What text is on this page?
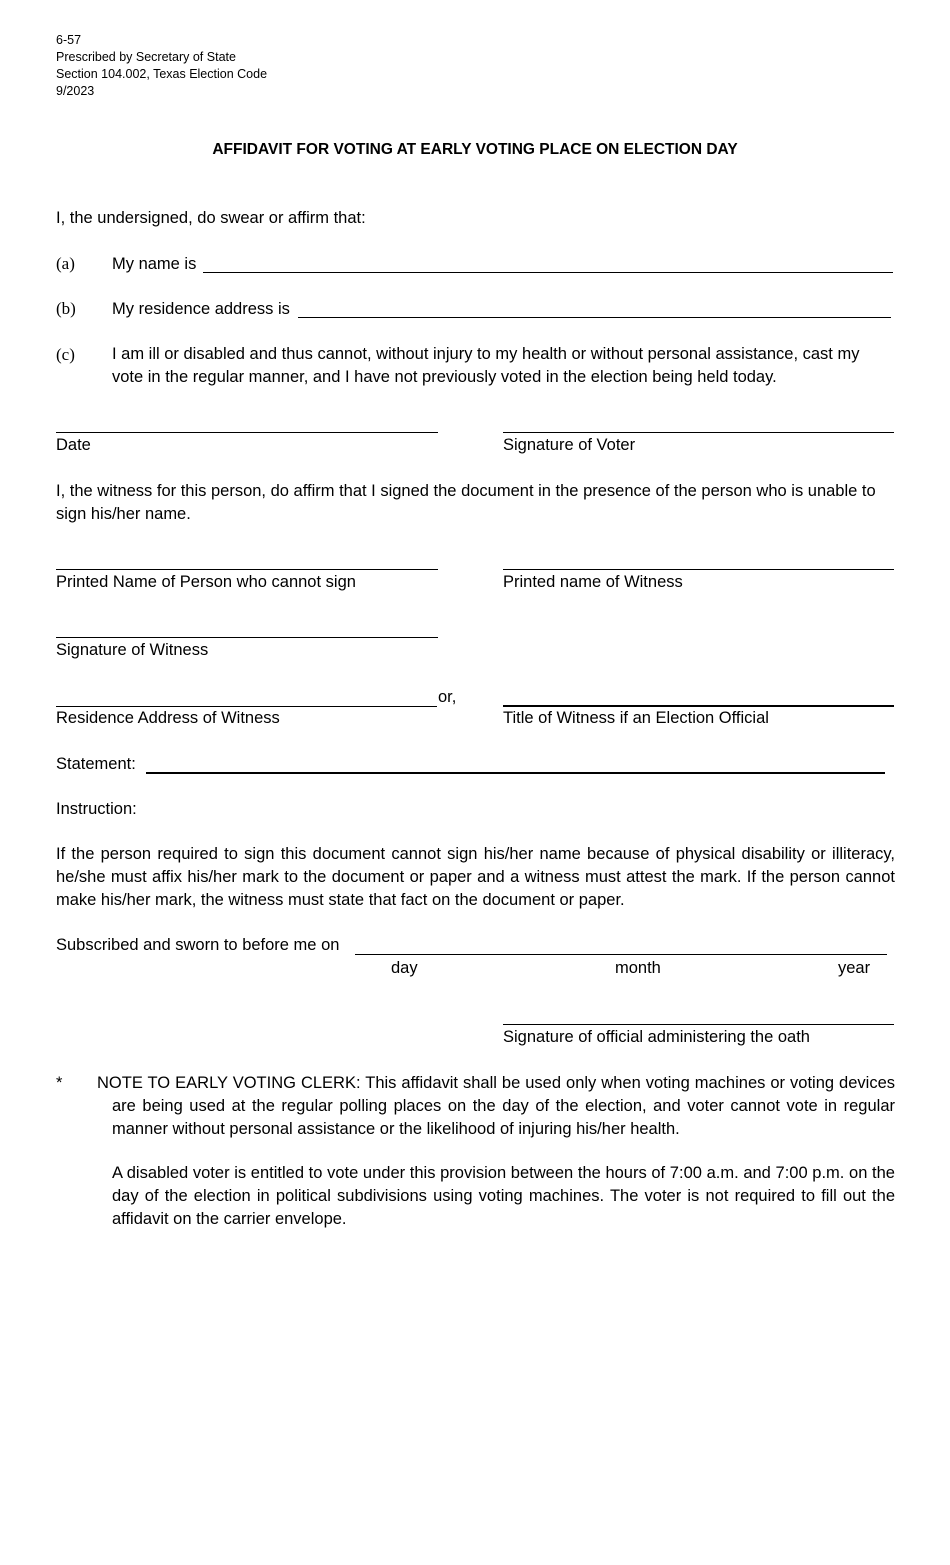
6-57
Prescribed by Secretary of State
Section 104.002, Texas Election Code
9/2023
AFFIDAVIT FOR VOTING AT EARLY VOTING PLACE ON ELECTION DAY
I, the undersigned, do swear or affirm that:
(a) My name is
(b) My residence address is
(c) I am ill or disabled and thus cannot, without injury to my health or without personal assistance, cast my vote in the regular manner, and I have not previously voted in the election being held today.
Date	Signature of Voter
I, the witness for this person, do affirm that I signed the document in the presence of the person who is unable to sign his/her name.
Printed Name of Person who cannot sign	Printed name of Witness
Signature of Witness
or,
Residence Address of Witness	Title of Witness if an Election Official
Statement:
Instruction:
If the person required to sign this document cannot sign his/her name because of physical disability or illiteracy, he/she must affix his/her mark to the document or paper and a witness must attest the mark. If the person cannot make his/her mark, the witness must state that fact on the document or paper.
Subscribed and sworn to before me on
day	month	year
Signature of official administering the oath
* NOTE TO EARLY VOTING CLERK: This affidavit shall be used only when voting machines or voting devices are being used at the regular polling places on the day of the election, and voter cannot vote in regular manner without personal assistance or the likelihood of injuring his/her health.
A disabled voter is entitled to vote under this provision between the hours of 7:00 a.m. and 7:00 p.m. on the day of the election in political subdivisions using voting machines. The voter is not required to fill out the affidavit on the carrier envelope.
